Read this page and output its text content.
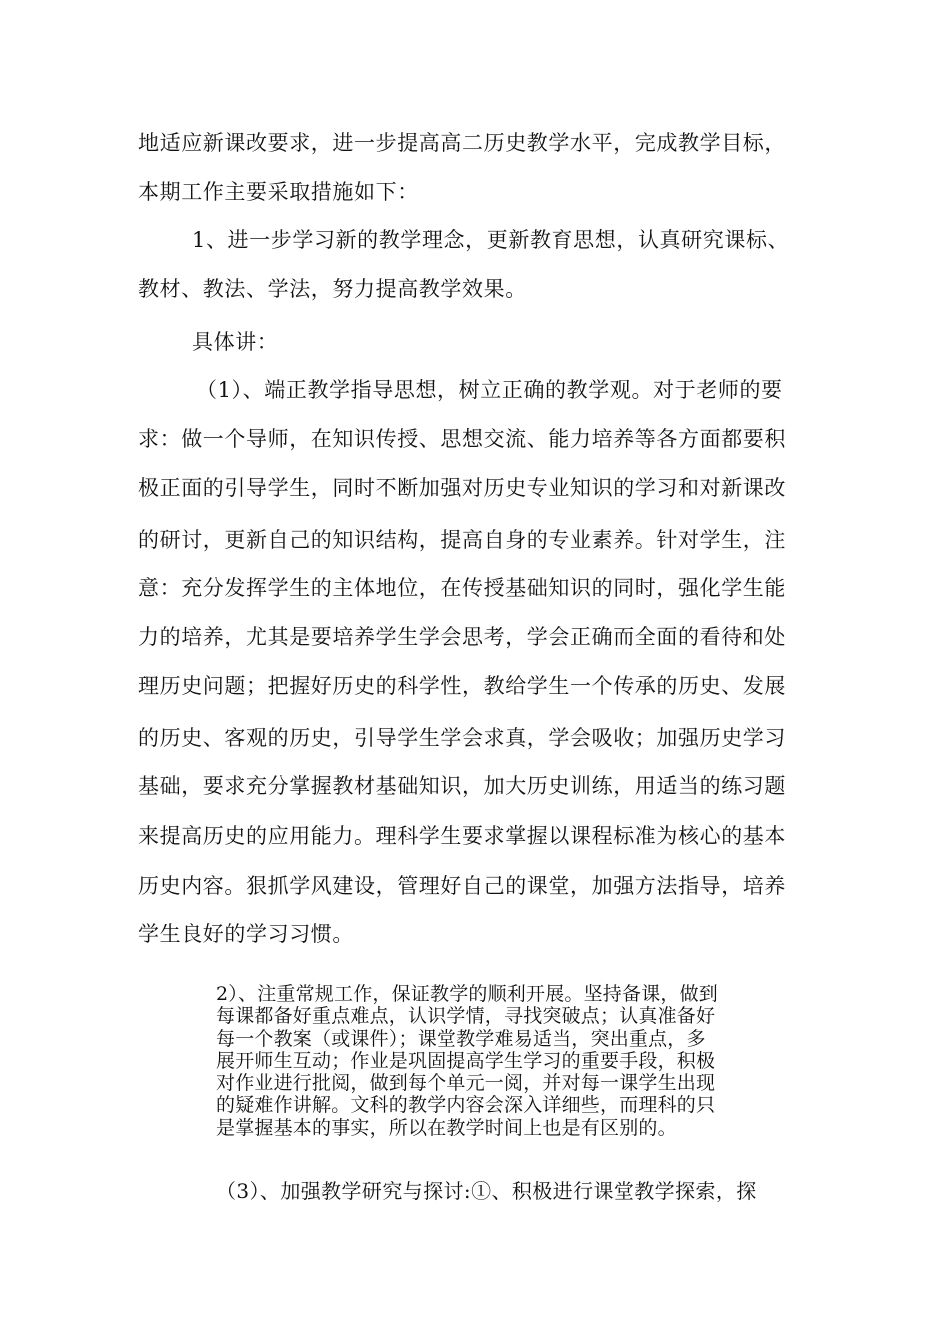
地适应新课改要求，进一步提高高二历史教学水平，完成教学目标，
本期工作主要采取措施如下：
1、进一步学习新的教学理念，更新教育思想，认真研究课标、
教材、教法、学法，努力提高教学效果。
具体讲：
（1）、端正教学指导思想，树立正确的教学观。对于老师的要
求：做一个导师，在知识传授、思想交流、能力培养等各方面都要积
极正面的引导学生，同时不断加强对历史专业知识的学习和对新课改
的研讨，更新自己的知识结构，提高自身的专业素养。针对学生，注
意：充分发挥学生的主体地位，在传授基础知识的同时，强化学生能
力的培养，尤其是要培养学生学会思考，学会正确而全面的看待和处
理历史问题；把握好历史的科学性，教给学生一个传承的历史、发展
的历史、客观的历史，引导学生学会求真，学会吸收；加强历史学习
基础，要求充分掌握教材基础知识，加大历史训练，用适当的练习题
来提高历史的应用能力。理科学生要求掌握以课程标准为核心的基本
历史内容。狠抓学风建设，管理好自己的课堂，加强方法指导，培养
学生良好的学习习惯。
2）、注重常规工作，保证教学的顺利开展。坚持备课，做到
每课都备好重点难点，认识学情，寻找突破点；认真准备好
每一个教案（或课件）；课堂教学难易适当，突出重点，多
展开师生互动；作业是巩固提高学生学习的重要手段，积极
对作业进行批阅，做到每个单元一阅，并对每一课学生出现
的疑难作讲解。文科的教学内容会深入详细些，而理科的只
是掌握基本的事实，所以在教学时间上也是有区别的。
（3）、加强教学研究与探讨:①、积极进行课堂教学探索，探
